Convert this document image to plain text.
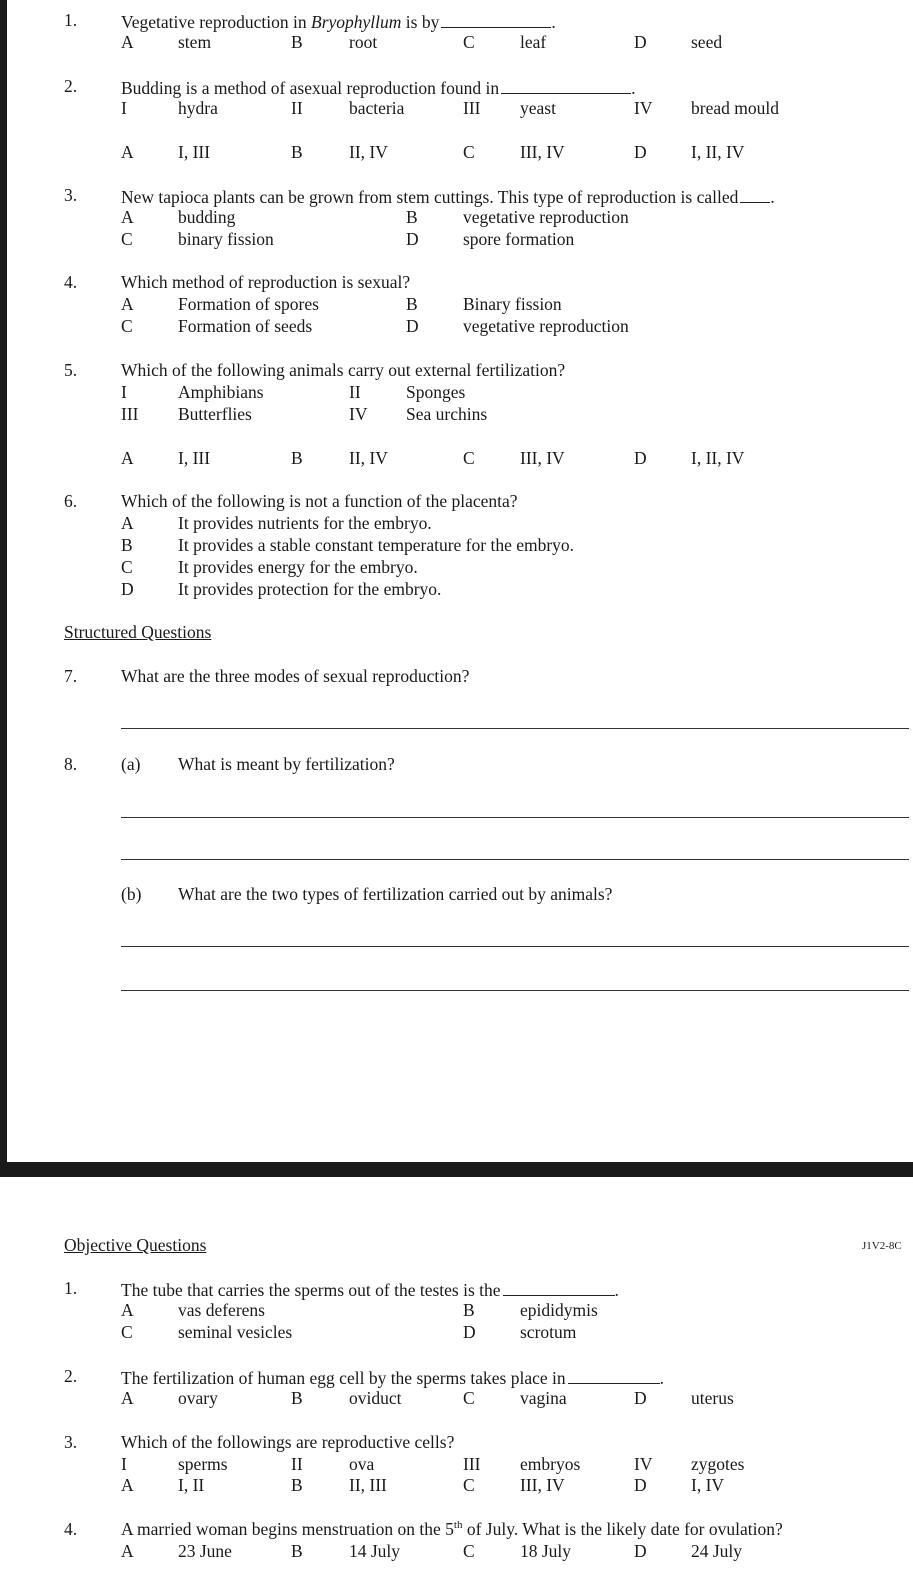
1.	Vegetative reproduction in Bryophyllum is by	.
A	stem	B	root	C	leaf	D	seed
2.	Budding is a method of asexual reproduction found in	.
I	hydra	II	bacteria	III yeast	IV bread mould
A	I, III	B	II, IV	C	III, IV	D	I, II, IV
3.	New tapioca plants can be grown from stem cuttings. This type of reproduction is called .
A	budding	B	vegetative reproduction
C	binary fission	D	spore formation
4.	Which method of reproduction is sexual?
A	Formation of spores	B	Binary fission
C	Formation of seeds	D	vegetative reproduction
5.	Which of the following animals carry out external fertilization?
I	Amphibians	II	Sponges
III Butterflies	IV Sea urchins
A	I, III	B	II, IV	C	III, IV	D	I, II, IV
6.	Which of the following is not a function of the placenta?
A	It provides nutrients for the embryo.
B	It provides a stable constant temperature for the embryo.
C	It provides energy for the embryo.
D	It provides protection for the embryo.
Structured Questions
7.	What are the three modes of sexual reproduction?
8.	(a) What is meant by fertilization?
(b) What are the two types of fertilization carried out by animals?
Objective Questions	J1V2-8C
1.	The tube that carries the sperms out of the testes is the	.
A	vas deferens	B	epididymis
C	seminal vesicles	D	scrotum
2.	The fertilization of human egg cell by the sperms takes place in	.
A	ovary	B	oviduct	C	vagina	D	uterus
3.	Which of the followings are reproductive cells?
I	sperms	II	ova	III embryos	IV zygotes
A	I, II	B	II, III	C	III, IV	D	I, IV
4.	A married woman begins menstruation on the 5th of July. What is the likely date for ovulation?
A	23 June	B	14 July	C	18 July	D	24 July
